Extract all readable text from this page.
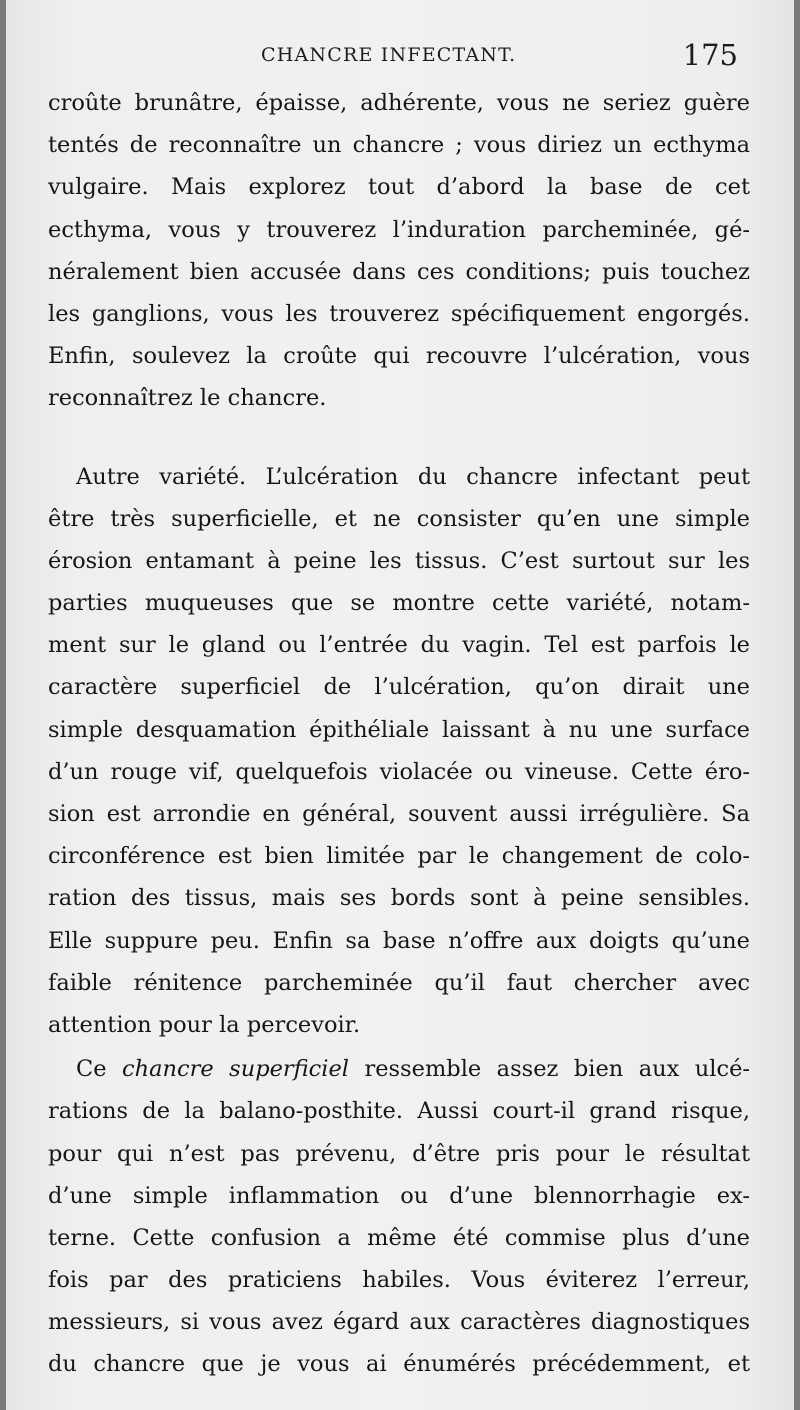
CHANCRE INFECTANT.	175
croûte brunâtre, épaisse, adhérente, vous ne seriez guère
tentés de reconnaître un chancre ; vous diriez un ecthyma
vulgaire. Mais explorez tout d’abord la base de cet
ecthyma, vous y trouverez l’induration parcheminée, gé-
néralement bien accusée dans ces conditions; puis touchez
les ganglions, vous les trouverez spécifiquement engorgés.
Enfin, soulevez la croûte qui recouvre l’ulcération, vous
reconnaîtrez le chancre.
Autre variété. L’ulcération du chancre infectant peut
être très superficielle, et ne consister qu’en une simple
érosion entamant à peine les tissus. C’est surtout sur les
parties muqueuses que se montre cette variété, notam-
ment sur le gland ou l’entrée du vagin. Tel est parfois le
caractère superficiel de l’ulcération, qu’on dirait une
simple desquamation épithéliale laissant à nu une surface
d’un rouge vif, quelquefois violacée ou vineuse. Cette éro-
sion est arrondie en général, souvent aussi irrégulière. Sa
circonférence est bien limitée par le changement de colo-
ration des tissus, mais ses bords sont à peine sensibles.
Elle suppure peu. Enfin sa base n’offre aux doigts qu’une
faible rénitence parcheminée qu’il faut chercher avec
attention pour la percevoir.
Ce chancre superficiel ressemble assez bien aux ulcé-
rations de la balano-posthite. Aussi court-il grand risque,
pour qui n’est pas prévenu, d’être pris pour le résultat
d’une simple inflammation ou d’une blennorrhagie ex-
terne. Cette confusion a même été commise plus d’une
fois par des praticiens habiles. Vous éviterez l’erreur,
messieurs, si vous avez égard aux caractères diagnostiques
du chancre que je vous ai énumérés précédemment, et
